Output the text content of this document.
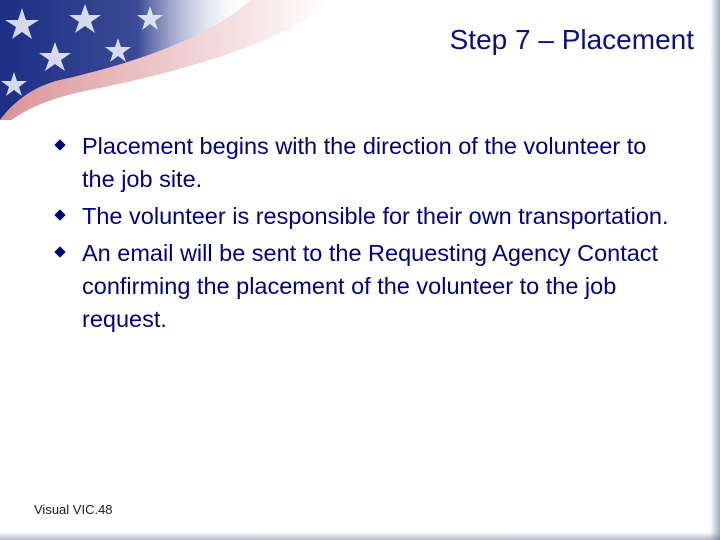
Step 7 – Placement
Placement begins with the direction of the volunteer to the job site.
The volunteer is responsible for their own transportation.
An email will be sent to the Requesting Agency Contact confirming the placement of the volunteer to the job request.
Visual VIC.48
